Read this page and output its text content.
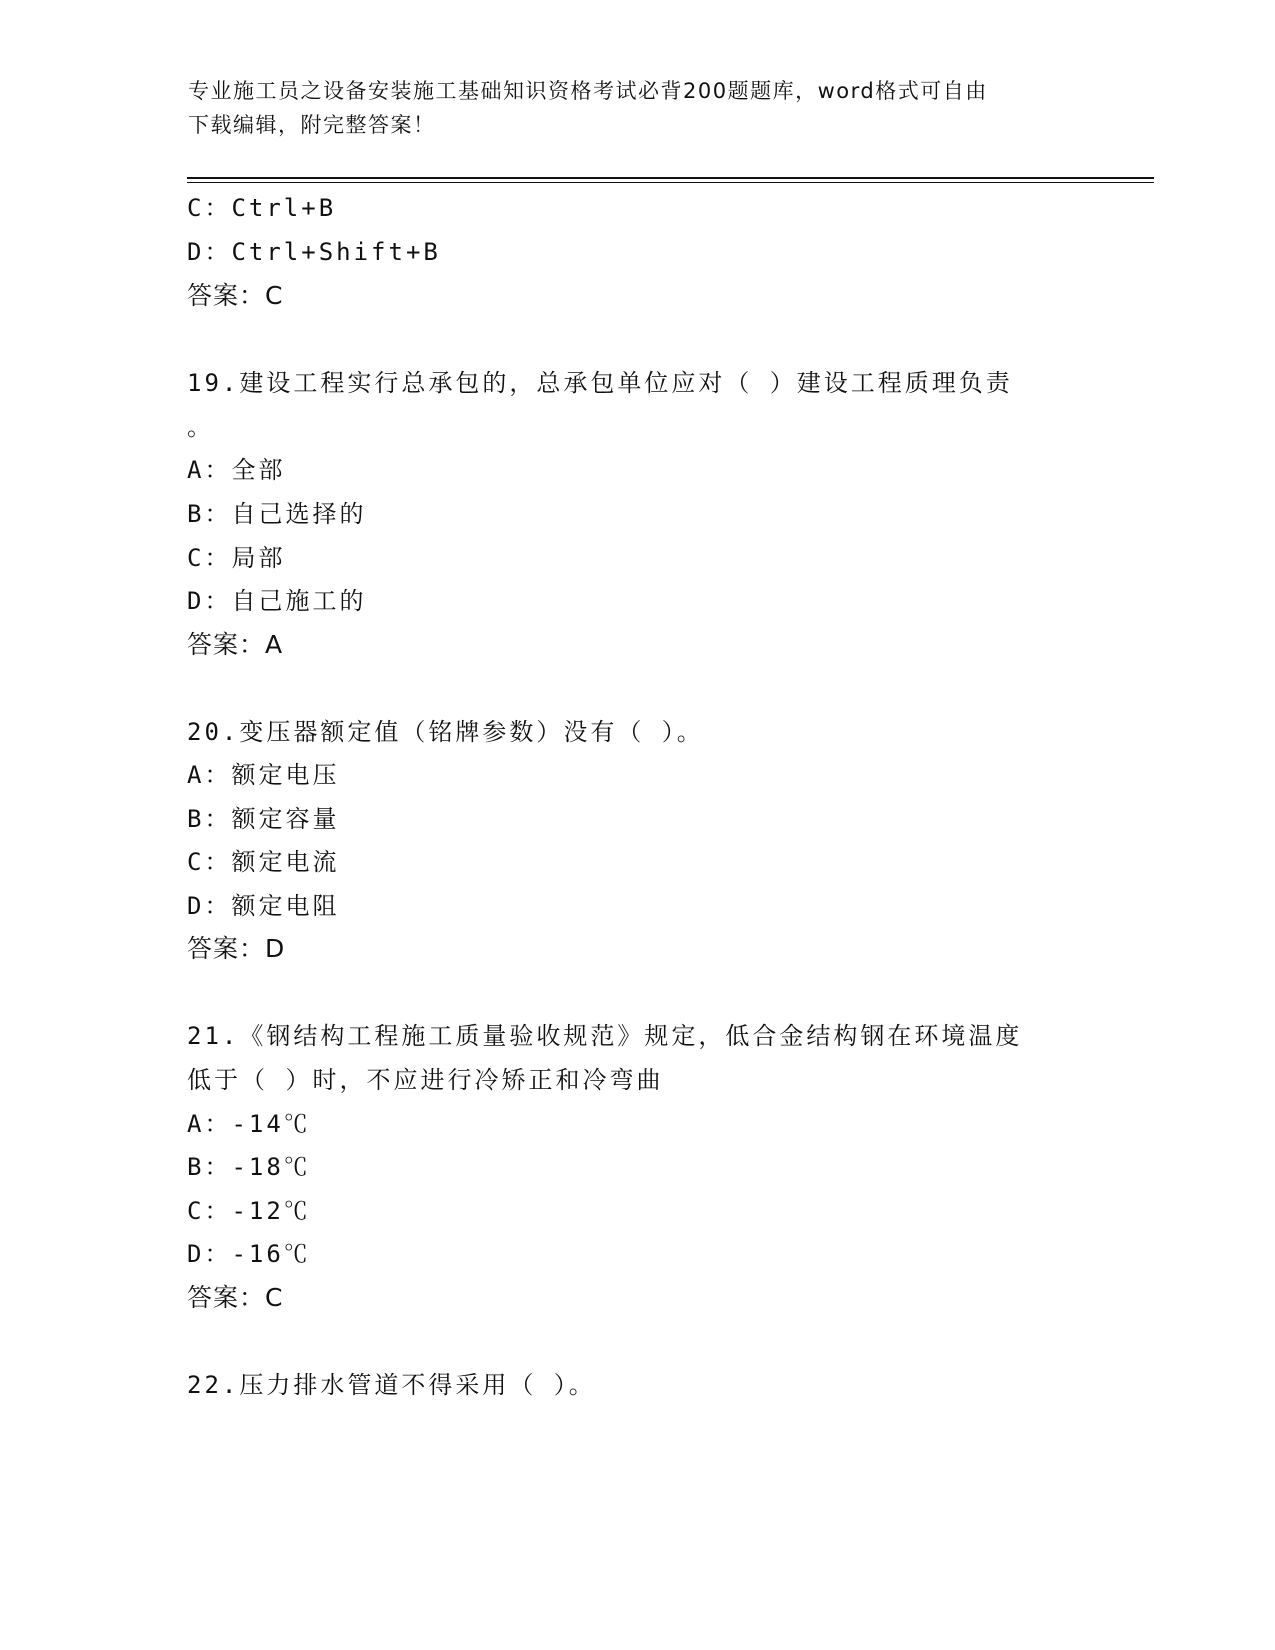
专业施工员之设备安装施工基础知识资格考试必背200题题库，word格式可自由
下载编辑，附完整答案！
C：Ctrl+B
D：Ctrl+Shift+B
答案：C
19.建设工程实行总承包的，总承包单位应对（ ）建设工程质理负责
。
A：全部
B：自己选择的
C：局部
D：自己施工的
答案：A
20.变压器额定值（铭牌参数）没有（ ）。
A：额定电压
B：额定容量
C：额定电流
D：额定电阻
答案：D
21.《钢结构工程施工质量验收规范》规定，低合金结构钢在环境温度
低于（ ）时，不应进行冷矫正和冷弯曲
A：-14℃
B：-18℃
C：-12℃
D：-16℃
答案：C
22.压力排水管道不得采用（ ）。
